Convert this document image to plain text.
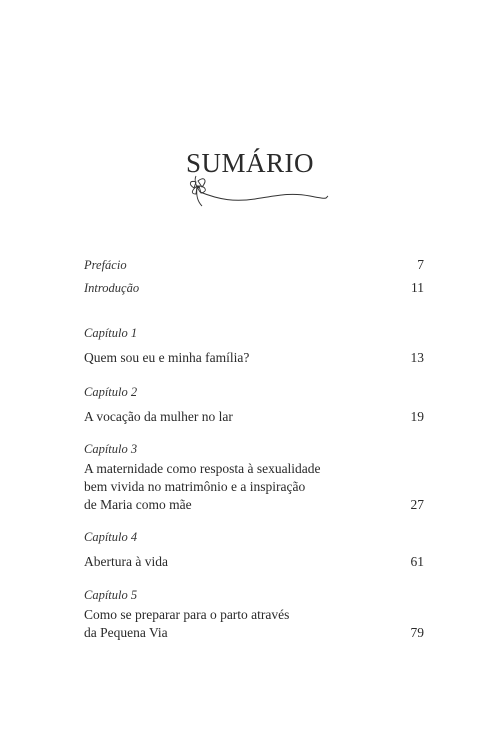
SUMÁRIO
Prefácio	7
Introdução	11
Capítulo 1
Quem sou eu e minha família?	13
Capítulo 2
A vocação da mulher no lar	19
Capítulo 3
A maternidade como resposta à sexualidade
bem vivida no matrimônio e a inspiração
de Maria como mãe	27
Capítulo 4
Abertura à vida	61
Capítulo 5
Como se preparar para o parto através
da Pequena Via	79
